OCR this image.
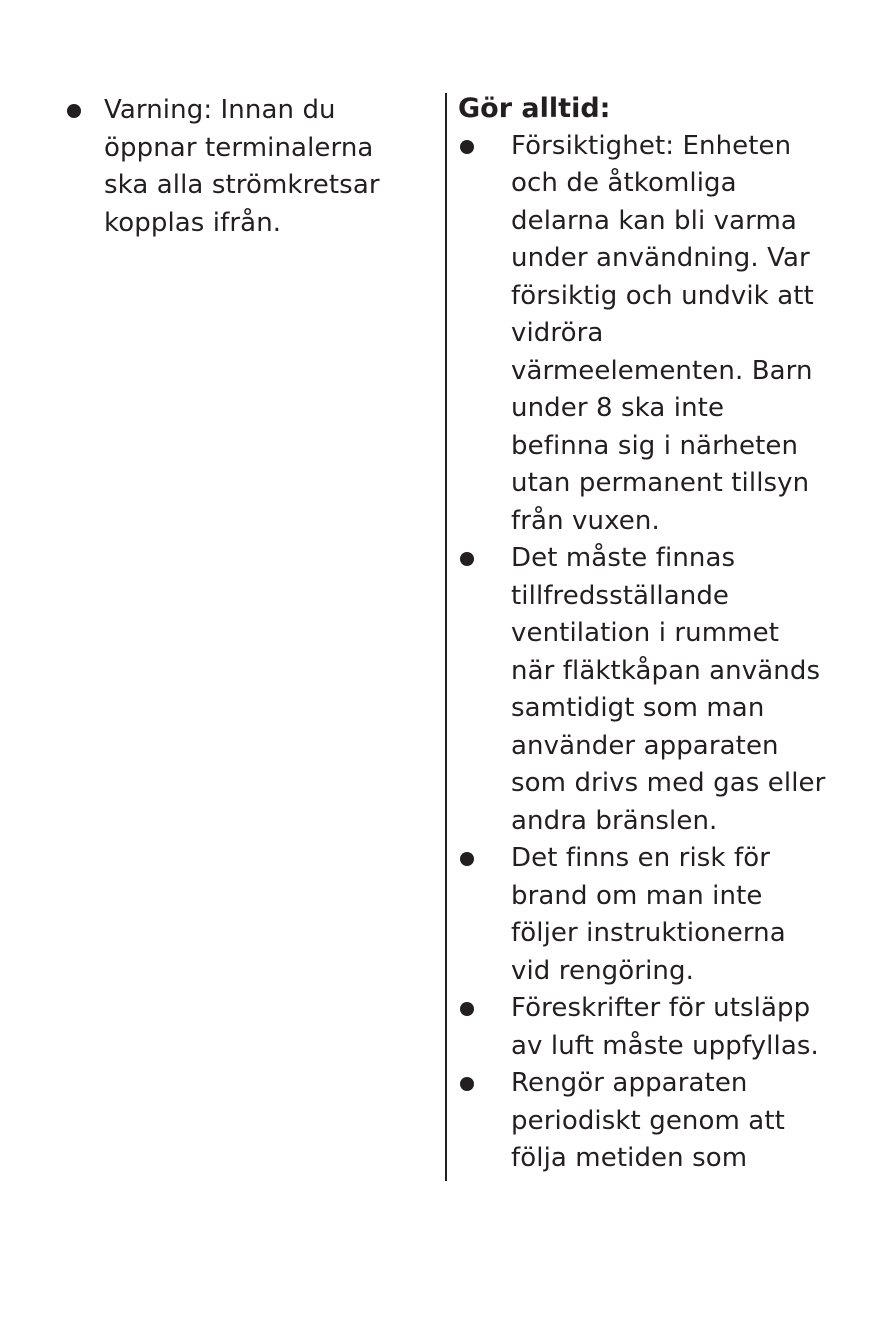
Varning: Innan du
öppnar terminalerna
ska alla strömkretsar
kopplas ifrån.
Gör alltid:
Försiktighet: Enheten
och de åtkomliga
delarna kan bli varma
under användning. Var
försiktig och undvik att
vidröra
värmeelementen. Barn
under 8 ska inte
befinna sig i närheten
utan permanent tillsyn
från vuxen.
Det måste finnas
tillfredsställande
ventilation i rummet
när fläktkåpan används
samtidigt som man
använder apparaten
som drivs med gas eller
andra bränslen.
Det finns en risk för
brand om man inte
följer instruktionerna
vid rengöring.
Föreskrifter för utsläpp
av luft måste uppfyllas.
Rengör apparaten
periodiskt genom att
följa metiden som
